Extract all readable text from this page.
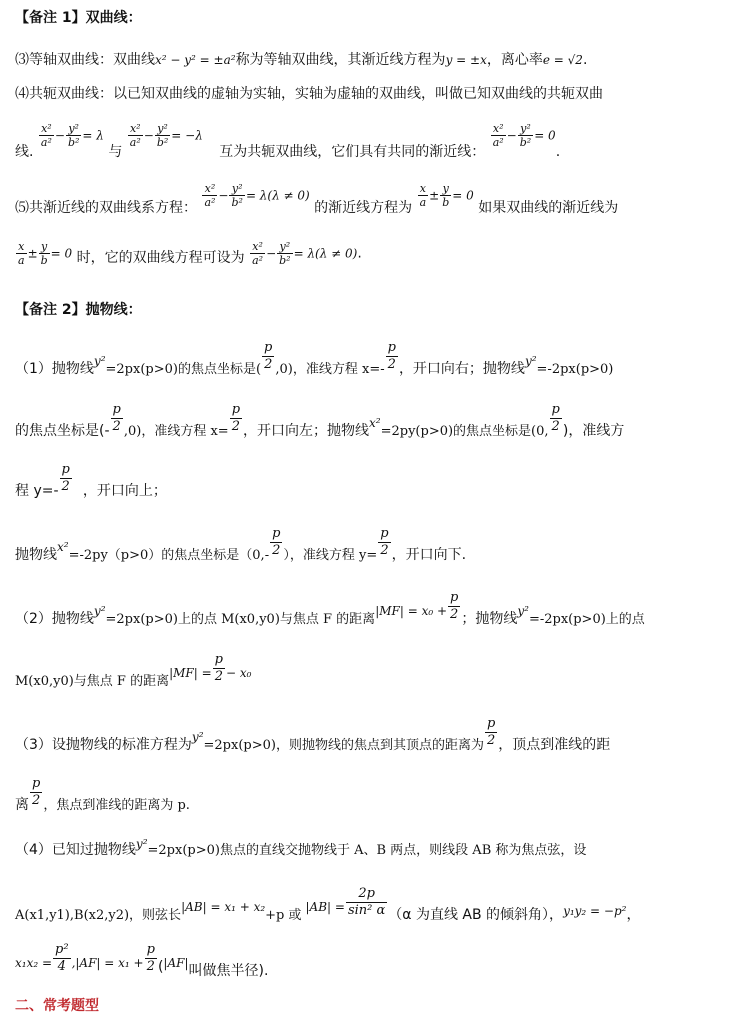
【备注 1】双曲线：
⑶等轴双曲线：双曲线x² − y² = ±a²称为等轴双曲线，其渐近线方程为y = ±x，离心率e = √2.
⑷共轭双曲线：以已知双曲线的虚轴为实轴，实轴为虚轴的双曲线，叫做已知双曲线的共轭双曲
线.
$\frac{\text{x²}}{\text{a²}} - \frac{\text{y²}}{\text{b²}} = \lambda$ 与
$\frac{\text{x²}}{\text{a²}} - \frac{\text{y²}}{\text{b²}} = -\lambda$ 互为共轭双曲线，它们具有共同的渐近线：
$\frac{\text{x²}}{\text{a²}} - \frac{\text{y²}}{\text{b²}} = 0$.
⑸共渐近线的双曲线系方程： $\frac{\text{x²}}{\text{a²}} - \frac{\text{y²}}{\text{b²}} = \lambda(\lambda \ne 0)$ 的渐近线方程为 $\frac{x}{a} \pm \frac{y}{b} = 0$ 如果双曲线的渐近线为
$\frac{x}{a} \pm \frac{y}{b} = 0$ 时，它的双曲线方程可设为 $\frac{\text{x²}}{\text{a²}} - \frac{\text{y²}}{\text{b²}} = \lambda(\lambda \ne 0)$.
【备注 2】抛物线：
（1）抛物线y²=2px(p>0)的焦点坐标是( $\frac{p}{2} ,0$)，准线方程 $x=- \frac{p}{2}$ ，开口向右；抛物线y²=-2px(p>0)
的焦点坐标是(- $\frac{p}{2} ,0$)，准线方程 $x= \frac{p}{2}$ ，开口向左；抛物线x²=2py(p>0)的焦点坐标是(0, $\frac{p}{2}$ )，准线方
程 $y=- \frac{p}{2}$ ，开口向上；
抛物线x²=-2py（p>0）的焦点坐标是（$0,- \frac{p}{2}$ ），准线方程 $y= \frac{p}{2}$ ，开口向下.
（2）抛物线y²=2px(p>0)上的点 M(x0,y0)与焦点 F 的距离$|MF| = x_0 + \frac{p}{2}$ ；抛物线y²=-2px(p>0)上的点
M(x0,y0)与焦点 F 的距离$|MF| = \frac{p}{2} - x_0$
（3）设抛物线的标准方程为y²=2px(p>0)，则抛物线的焦点到其顶点的距离为 $\frac{p}{2}$ ，顶点到准线的距
离 $\frac{p}{2}$ ，焦点到准线的距离为 p.
（4）已知过抛物线y²=2px(p>0)焦点的直线交抛物线于 A、B 两点，则线段 AB 称为焦点弦，设
A(x1,y1),B(x2,y2)，则弦长|AB| = x₁ + x₂+p 或$|AB| = \frac{2p}{\text{sin² α}} (\alpha$ 为直线 AB 的倾斜角），y₁y₂ = −p²，
$x_1x_2 = \frac{\text{p²}}{4} ,|AF| = x_1 + \frac{p}{2} (|AF|$叫做焦半径).
二、常考题型
